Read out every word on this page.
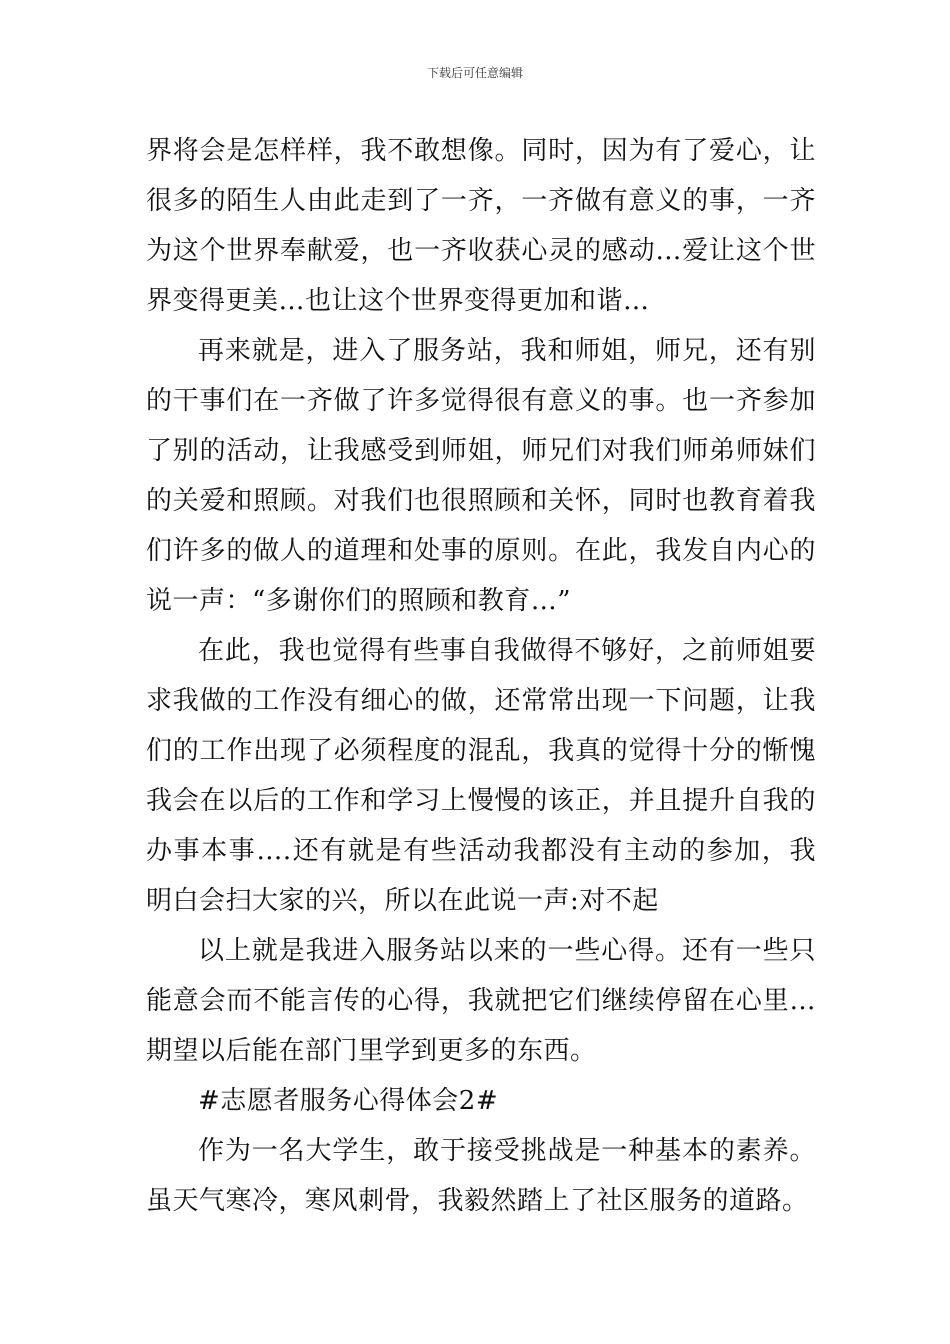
下载后可任意编辑

界将会是怎样样，我不敢想像。同时，因为有了爱心，让很多的陌生人由此走到了一齐，一齐做有意义的事，一齐为这个世界奉献爱，也一齐收获心灵的感动…爱让这个世界变得更美…也让这个世界变得更加和谐…

再来就是，进入了服务站，我和师姐，师兄，还有别的干事们在一齐做了许多觉得很有意义的事。也一齐参加了别的活动，让我感受到师姐，师兄们对我们师弟师妹们的关爱和照顾。对我们也很照顾和关怀，同时也教育着我们许多的做人的道理和处事的原则。在此，我发自内心的说一声：“多谢你们的照顾和教育…”

在此，我也觉得有些事自我做得不够好，之前师姐要求我做的工作没有细心的做，还常常出现一下问题，让我们的工作出现了必须程度的混乱，我真的觉得十分的惭愧我会在以后的工作和学习上慢慢的该正，并且提升自我的办事本事….还有就是有些活动我都没有主动的参加，我明白会扫大家的兴，所以在此说一声:对不起

以上就是我进入服务站以来的一些心得。还有一些只能意会而不能言传的心得，我就把它们继续停留在心里…期望以后能在部门里学到更多的东西。

#志愿者服务心得体会2#

作为一名大学生，敢于接受挑战是一种基本的素养。虽天气寒冷，寒风刺骨，我毅然踏上了社区服务的道路。
